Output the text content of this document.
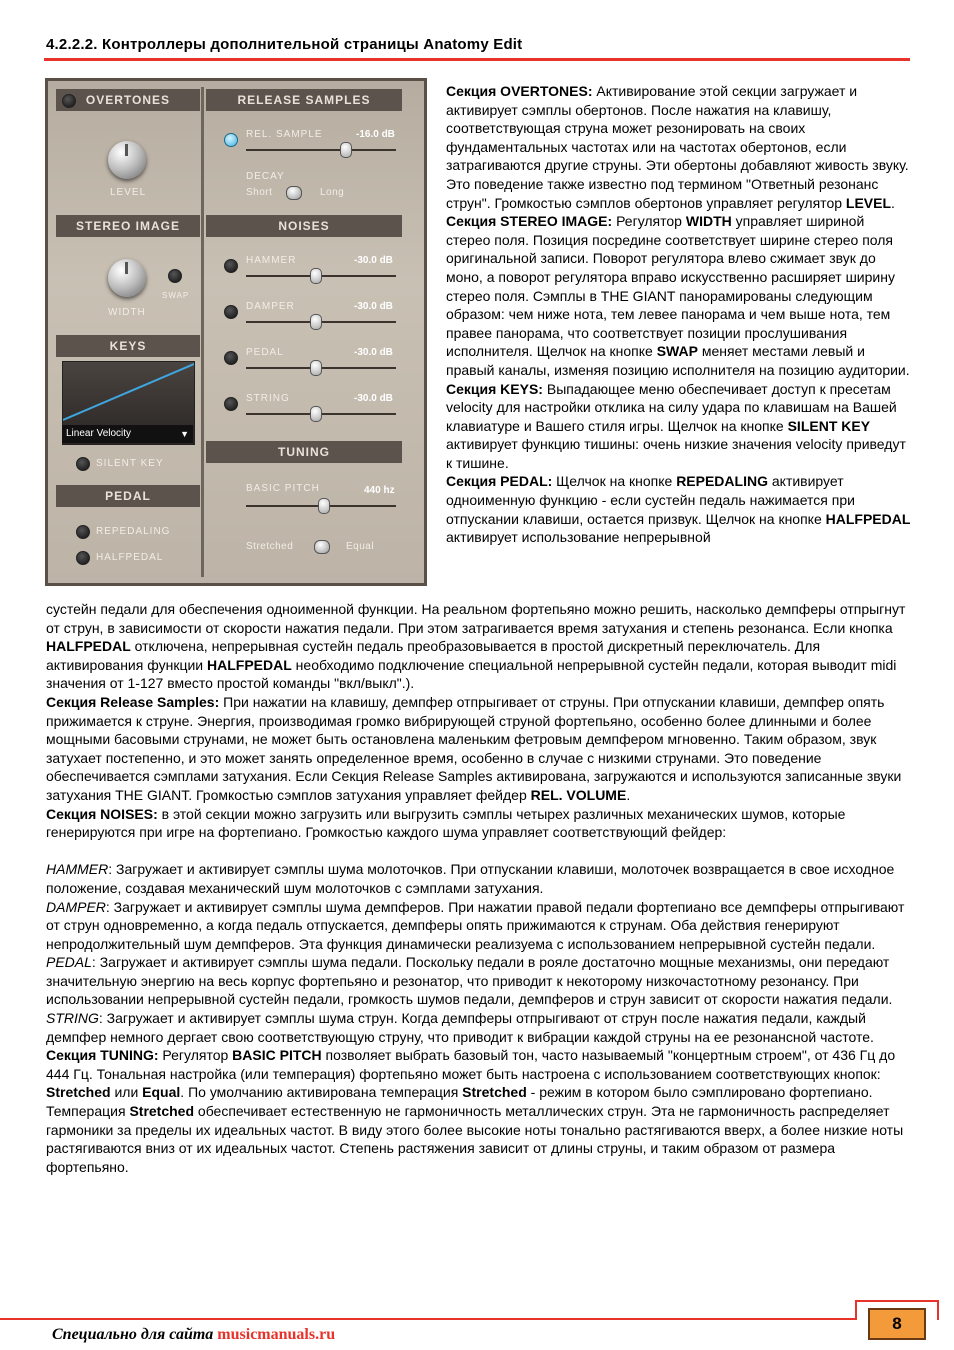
4.2.2.2. Контроллеры дополнительной страницы Anatomy Edit
OVERTONES
LEVEL
STEREO IMAGE
SWAP
WIDTH
KEYS
Linear Velocity	▼
SILENT KEY
PEDAL
REPEDALING
HALFPEDAL
RELEASE SAMPLES
REL. SAMPLE	-16.0 dB
DECAY
Short	Long
NOISES
HAMMER	-30.0 dB
DAMPER	-30.0 dB
PEDAL	-30.0 dB
STRING	-30.0 dB
TUNING
BASIC PITCH	440 hz
Stretched	Equal

Секция OVERTONES: Активирование этой секции загружает и активирует сэмплы обертонов. После нажатия на клавишу, соответствующая струна может резонировать на своих фундаментальных частотах или на частотах обертонов, если затрагиваются другие струны. Эти обертоны добавляют живость звуку. Это поведение также известно под термином "Ответный резонанс струн". Громкостью сэмплов обертонов управляет регулятор LEVEL.

Секция STEREO IMAGE: Регулятор WIDTH управляет шириной стерео поля. Позиция посредине соответствует ширине стерео поля оригинальной записи. Поворот регулятора влево сжимает звук до моно, а поворот регулятора вправо искусственно расширяет ширину стерео поля. Сэмплы в THE GIANT панорамированы следующим образом: чем ниже нота, тем левее панорама и чем выше нота, тем правее панорама, что соответствует позиции прослушивания исполнителя. Щелчок на кнопке SWAP меняет местами левый и правый каналы, изменяя позицию исполнителя на позицию аудитории.

Секция KEYS: Выпадающее меню обеспечивает доступ к пресетам velocity для настройки отклика на силу удара по клавишам на Вашей клавиатуре и Вашего стиля игры. Щелчок на кнопке SILENT KEY активирует функцию тишины: очень низкие значения velocity приведут к тишине.

Секция PEDAL: Щелчок на кнопке REPEDALING активирует одноименную функцию - если сустейн педаль нажимается при отпускании клавиши, остается призвук. Щелчок на кнопке HALFPEDAL активирует использование непрерывной

сустейн педали для обеспечения одноименной функции. На реальном фортепьяно можно решить, насколько демпферы отпрыгнут от струн, в зависимости от скорости нажатия педали. При этом затрагивается время затухания и степень резонанса. Если кнопка HALFPEDAL отключена, непрерывная сустейн педаль преобразовывается в простой дискретный переключатель. Для активирования функции HALFPEDAL необходимо подключение специальной непрерывной сустейн педали, которая выводит midi значения от 1-127 вместо простой команды "вкл/выкл".).

Секция Release Samples: При нажатии на клавишу, демпфер отпрыгивает от струны. При отпускании клавиши, демпфер опять прижимается к струне. Энергия, производимая громко вибрирующей струной фортепьяно, особенно более длинными и более мощными басовыми струнами, не может быть остановлена маленьким фетровым демпфером мгновенно. Таким образом, звук затухает постепенно, и это может занять определенное время, особенно в случае с низкими струнами. Это поведение обеспечивается сэмплами затухания. Если Секция Release Samples активирована, загружаются и используются записанные звуки затухания THE GIANT. Громкостью сэмплов затухания управляет фейдер REL. VOLUME.

Секция NOISES: в этой секции можно загрузить или выгрузить сэмплы четырех различных механических шумов, которые генерируются при игре на фортепиано. Громкостью каждого шума управляет соответствующий фейдер:

HAMMER: Загружает и активирует сэмплы шума молоточков. При отпускании клавиши, молоточек возвращается в свое исходное положение, создавая механический шум молоточков с сэмплами затухания.

DAMPER: Загружает и активирует сэмплы шума демпферов. При нажатии правой педали фортепиано все демпферы отпрыгивают от струн одновременно, а когда педаль отпускается, демпферы опять прижимаются к струнам. Оба действия генерируют непродолжительный шум демпферов. Эта функция динамически реализуема с использованием непрерывной сустейн педали.

PEDAL: Загружает и активирует сэмплы шума педали. Поскольку педали в рояле достаточно мощные механизмы, они передают значительную энергию на весь корпус фортепьяно и резонатор, что приводит к некоторому низкочастотному резонансу. При использовании непрерывной сустейн педали, громкость шумов педали, демпферов и струн зависит от скорости нажатия педали.

STRING: Загружает и активирует сэмплы шума струн. Когда демпферы отпрыгивают от струн после нажатия педали, каждый демпфер немного дергает свою соответствующую струну, что приводит к вибрации каждой струны на ее резонансной частоте.

Секция TUNING: Регулятор BASIC PITCH позволяет выбрать базовый тон, часто называемый "концертным строем", от 436 Гц до 444 Гц. Тональная настройка (или темперация) фортепьяно может быть настроена с использованием соответствующих кнопок: Stretched или Equal. По умолчанию активирована темперация Stretched - режим в котором было сэмплировано фортепиано. Темперация Stretched обеспечивает естественную не гармоничность металлических струн. Эта не гармоничность распределяет гармоники за пределы их идеальных частот. В виду этого более высокие ноты тонально растягиваются вверх, а более низкие ноты растягиваются вниз от их идеальных частот. Степень растяжения зависит от длины струны, и таким образом от размера фортепьяно.

Специально для сайта musicmanuals.ru
8
